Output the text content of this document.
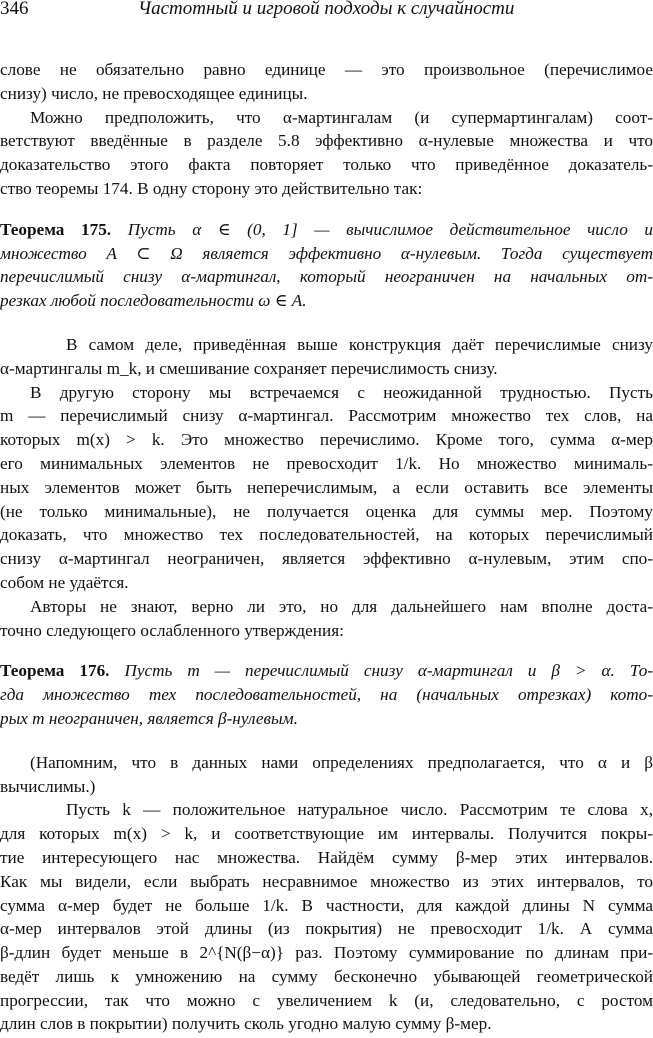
346	Частотный и игровой подходы к случайности
слове не обязательно равно единице — это произвольное (перечислимое
снизу) число, не превосходящее единицы.
Можно предположить, что α-мартингалам (и супермартингалам) соот-
ветствуют введённые в разделе 5.8 эффективно α-нулевые множества и что
доказательство этого факта повторяет только что приведённое доказатель-
ство теоремы 174. В одну сторону это действительно так:
Теорема 175. Пусть α ∈ (0, 1] — вычислимое действительное число и
множество A ⊂ Ω является эффективно α-нулевым. Тогда существует
перечислимый снизу α-мартингал, который неограничен на начальных от-
резках любой последовательности ω ∈ A.
В самом деле, приведённая выше конструкция даёт перечислимые снизу
α-мартингалы m_k, и смешивание сохраняет перечислимость снизу.
В другую сторону мы встречаемся с неожиданной трудностью. Пусть
m — перечислимый снизу α-мартингал. Рассмотрим множество тех слов, на
которых m(x) > k. Это множество перечислимо. Кроме того, сумма α-мер
его минимальных элементов не превосходит 1/k. Но множество минималь-
ных элементов может быть неперечислимым, а если оставить все элементы
(не только минимальные), не получается оценка для суммы мер. Поэтому
доказать, что множество тех последовательностей, на которых перечислимый
снизу α-мартингал неограничен, является эффективно α-нулевым, этим спо-
собом не удаётся.
Авторы не знают, верно ли это, но для дальнейшего нам вполне доста-
точно следующего ослабленного утверждения:
Теорема 176. Пусть m — перечислимый снизу α-мартингал и β > α. То-
гда множество тех последовательностей, на (начальных отрезках) кото-
рых m неограничен, является β-нулевым.
(Напомним, что в данных нами определениях предполагается, что α и β
вычислимы.)
Пусть k — положительное натуральное число. Рассмотрим те слова x,
для которых m(x) > k, и соответствующие им интервалы. Получится покры-
тие интересующего нас множества. Найдём сумму β-мер этих интервалов.
Как мы видели, если выбрать несравнимое множество из этих интервалов, то
сумма α-мер будет не больше 1/k. В частности, для каждой длины N сумма
α-мер интервалов этой длины (из покрытия) не превосходит 1/k. А сумма
β-длин будет меньше в 2^{N(β−α)} раз. Поэтому суммирование по длинам при-
ведёт лишь к умножению на сумму бесконечно убывающей геометрической
прогрессии, так что можно с увеличением k (и, следовательно, с ростом
длин слов в покрытии) получить сколь угодно малую сумму β-мер.
